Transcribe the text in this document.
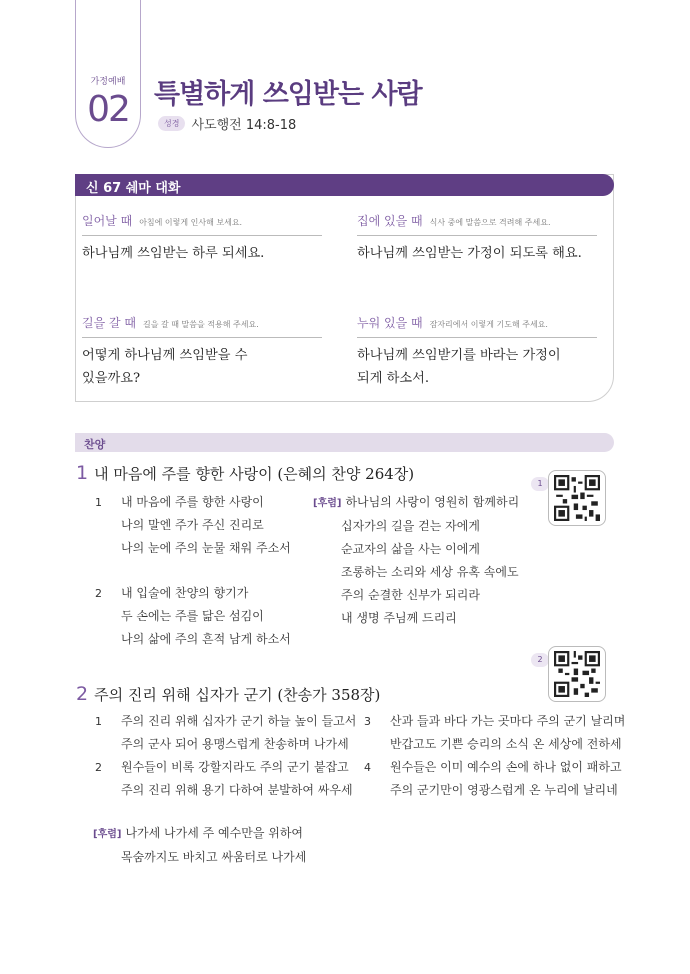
가정예배
02 특별하게 쓰임받는 사람
성경 사도행전 14:8-18
신 67 쉐마 대화
일어날 때 아침에 이렇게 인사해 보세요.
하나님께 쓰임받는 하루 되세요.
집에 있을 때 식사 중에 말씀으로 격려해 주세요.
하나님께 쓰임받는 가정이 되도록 해요.
길을 갈 때 길을 갈 때 말씀을 적용해 주세요.
어떻게 하나님께 쓰임받을 수
있을까요?
누워 있을 때 잠자리에서 이렇게 기도해 주세요.
하나님께 쓰임받기를 바라는 가정이
되게 하소서.
찬양
1 내 마음에 주를 향한 사랑이 (은혜의 찬양 264장)
1 내 마음에 주를 향한 사랑이
나의 말엔 주가 주신 진리로
나의 눈에 주의 눈물 채워 주소서
2 내 입술에 찬양의 향기가
두 손에는 주를 닮은 섬김이
나의 삶에 주의 흔적 남게 하소서
[후렴] 하나님의 사랑이 영원히 함께하리
십자가의 길을 걷는 자에게
순교자의 삶을 사는 이에게
조롱하는 소리와 세상 유혹 속에도
주의 순결한 신부가 되리라
내 생명 주님께 드리리
1
2 주의 진리 위해 십자가 군기 (찬송가 358장)
2
1 주의 진리 위해 십자가 군기 하늘 높이 들고서
주의 군사 되어 용맹스럽게 찬송하며 나가세
2 원수들이 비록 강할지라도 주의 군기 붙잡고
주의 진리 위해 용기 다하여 분발하여 싸우세
3 산과 들과 바다 가는 곳마다 주의 군기 날리며
반갑고도 기쁜 승리의 소식 온 세상에 전하세
4 원수들은 이미 예수의 손에 하나 없이 패하고
주의 군기만이 영광스럽게 온 누리에 날리네
[후렴] 나가세 나가세 주 예수만을 위하여
목숨까지도 바치고 싸움터로 나가세
